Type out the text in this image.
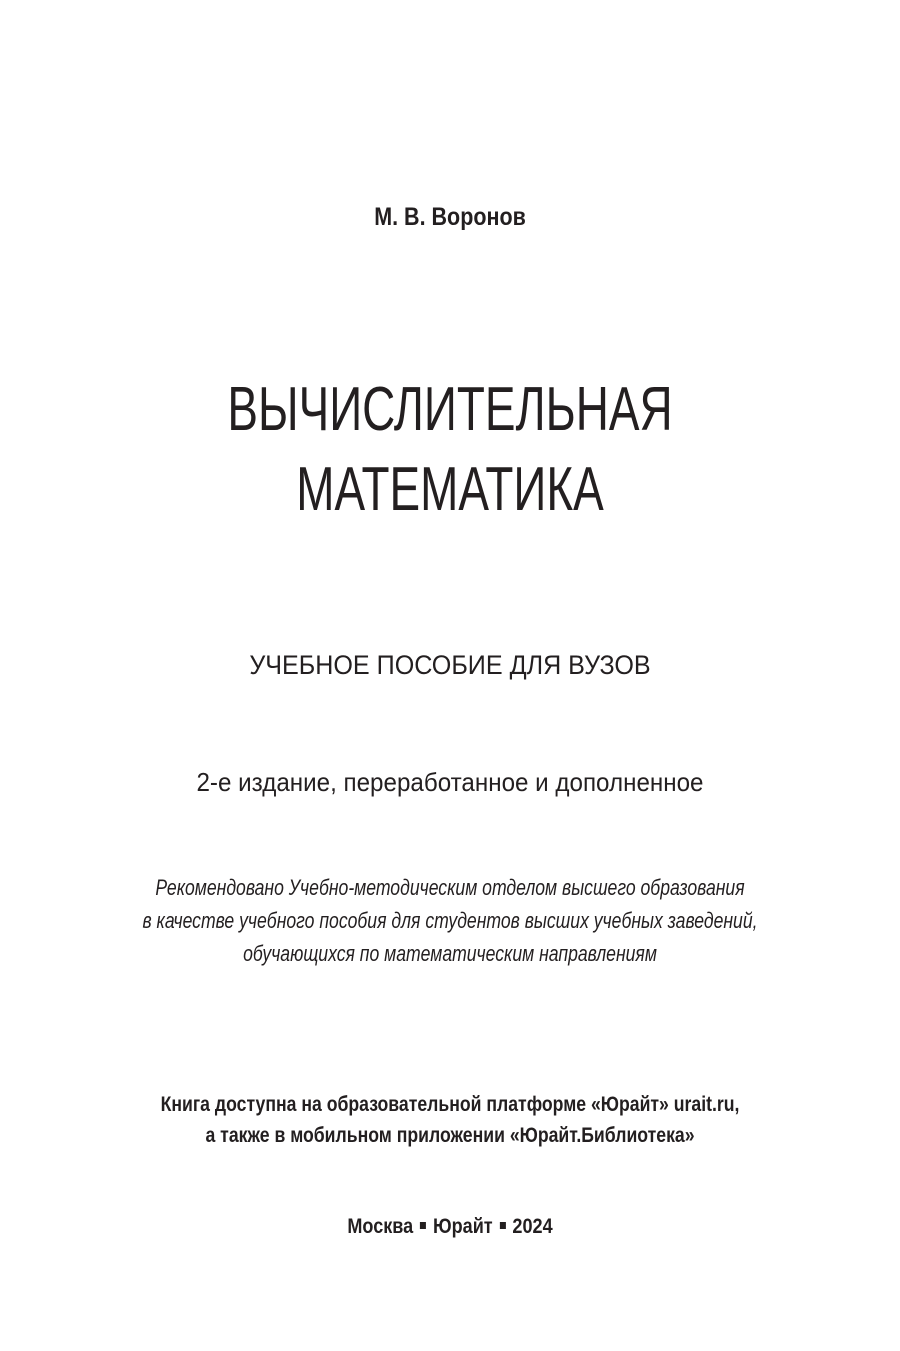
М. В. Воронов
ВЫЧИСЛИТЕЛЬНАЯ
МАТЕМАТИКА
УЧЕБНОЕ ПОСОБИЕ ДЛЯ ВУЗОВ
2-е издание, переработанное и дополненное
Рекомендовано Учебно-методическим отделом высшего образования
в качестве учебного пособия для студентов высших учебных заведений,
обучающихся по математическим направлениям
Книга доступна на образовательной платформе «Юрайт» urait.ru,
а также в мобильном приложении «Юрайт.Библиотека»
Москва Юрайт 2024
